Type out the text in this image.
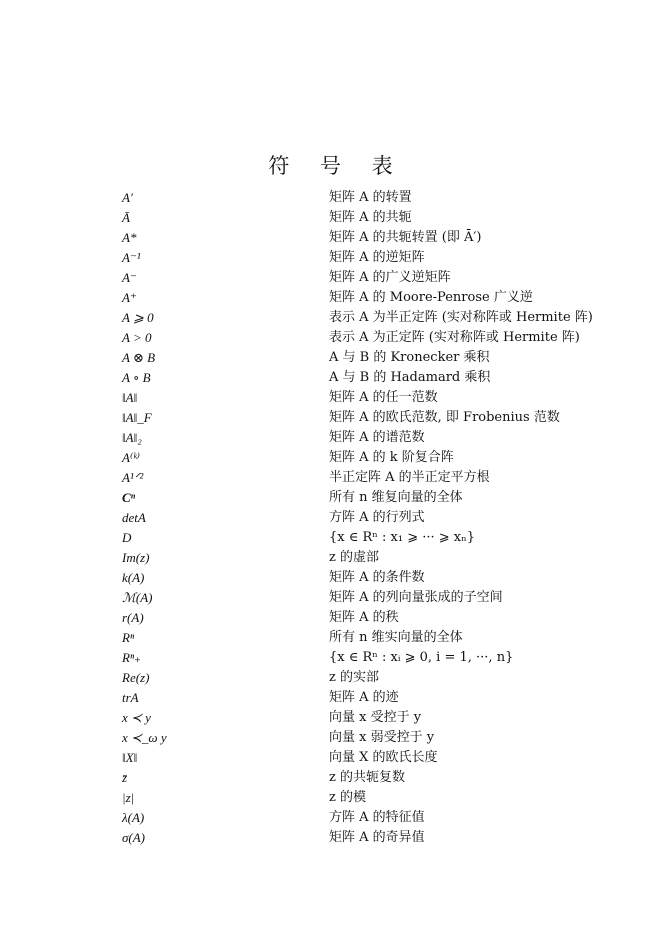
符 号 表
A′	矩阵 A 的转置
Ā	矩阵 A 的共轭
A*	矩阵 A 的共轭转置 (即 Ā′)
A⁻¹	矩阵 A 的逆矩阵
A⁻	矩阵 A 的广义逆矩阵
A⁺	矩阵 A 的 Moore-Penrose 广义逆
A ⩾ 0	表示 A 为半正定阵 (实对称阵或 Hermite 阵)
A > 0	表示 A 为正定阵 (实对称阵或 Hermite 阵)
A ⊗ B	A 与 B 的 Kronecker 乘积
A ∘ B	A 与 B 的 Hadamard 乘积
‖A‖	矩阵 A 的任一范数
‖A‖_F	矩阵 A 的欧氏范数, 即 Frobenius 范数
‖A‖₂	矩阵 A 的谱范数
A⁽ᵏ⁾	矩阵 A 的 k 阶复合阵
A¹ᐟ²	半正定阵 A 的半正定平方根
Cⁿ	所有 n 维复向量的全体
detA	方阵 A 的行列式
D	{x ∈ Rⁿ : x₁ ⩾ ··· ⩾ xₙ}
Im(z)	z 的虚部
k(A)	矩阵 A 的条件数
ℳ(A)	矩阵 A 的列向量张成的子空间
r(A)	矩阵 A 的秩
Rⁿ	所有 n 维实向量的全体
Rⁿ₊	{x ∈ Rⁿ : xᵢ ⩾ 0, i = 1, ···, n}
Re(z)	z 的实部
trA	矩阵 A 的迹
x ≺ y	向量 x 受控于 y
x ≺_ω y	向量 x 弱受控于 y
‖X‖	向量 X 的欧氏长度
z̄	z 的共轭复数
|z|	z 的模
λ(A)	方阵 A 的特征值
σ(A)	矩阵 A 的奇异值
